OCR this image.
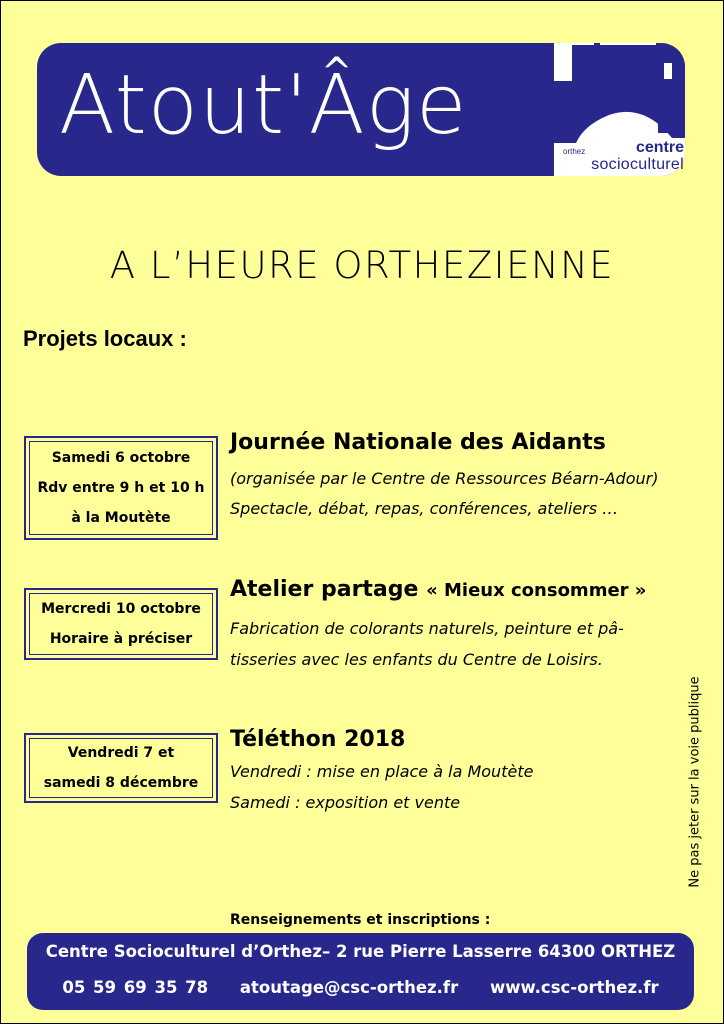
Atout'Âge	orthez	centre
socioculturel
A L’HEURE ORTHEZIENNE
Projets locaux :
Samedi 6 octobre
Rdv entre 9 h et 10 h
à la Moutète
Journée Nationale des Aidants
(organisée par le Centre de Ressources Béarn-Adour)
Spectacle, débat, repas, conférences, ateliers …
Mercredi 10 octobre
Horaire à préciser
Atelier partage « Mieux consommer »
Fabrication de colorants naturels, peinture et pâ-
tisseries avec les enfants du Centre de Loisirs.
Vendredi 7 et
samedi 8 décembre
Téléthon 2018
Vendredi : mise en place à la Moutète
Samedi : exposition et vente	Ne pas jeter sur la voie publique
Renseignements et inscriptions :
Centre Socioculturel d’Orthez– 2 rue Pierre Lasserre 64300 ORTHEZ
05 59 69 35 78 atoutage@csc-orthez.fr www.csc-orthez.fr
